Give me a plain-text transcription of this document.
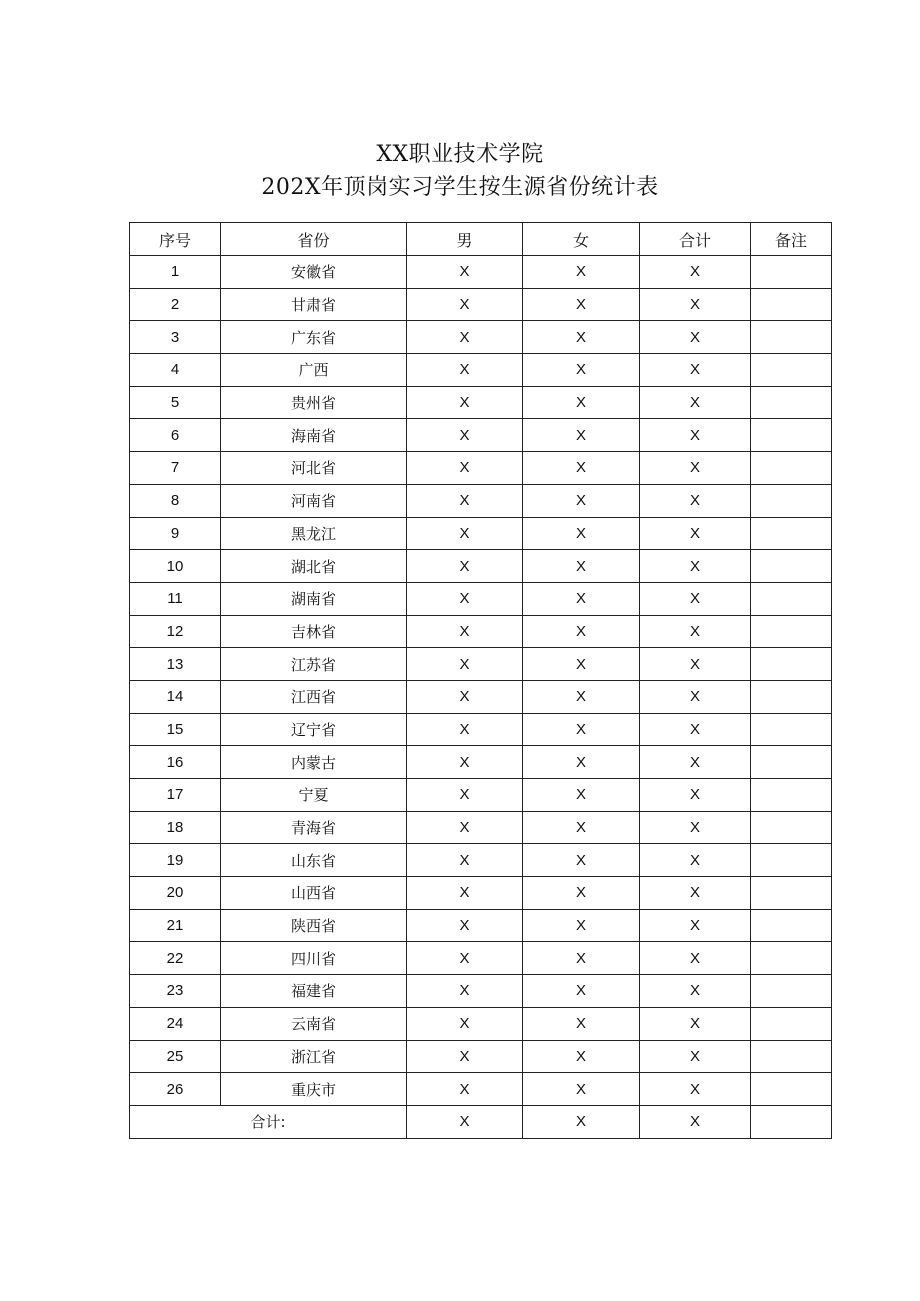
XX职业技术学院
202X年顶岗实习学生按生源省份统计表
序号	省份	男	女	合计	备注
1	安徽省	X	X	X	
2	甘肃省	X	X	X	
3	广东省	X	X	X	
4	广西	X	X	X	
5	贵州省	X	X	X	
6	海南省	X	X	X	
7	河北省	X	X	X	
8	河南省	X	X	X	
9	黑龙江	X	X	X	
10	湖北省	X	X	X	
11	湖南省	X	X	X	
12	吉林省	X	X	X	
13	江苏省	X	X	X	
14	江西省	X	X	X	
15	辽宁省	X	X	X	
16	内蒙古	X	X	X	
17	宁夏	X	X	X	
18	青海省	X	X	X	
19	山东省	X	X	X	
20	山西省	X	X	X	
21	陕西省	X	X	X	
22	四川省	X	X	X	
23	福建省	X	X	X	
24	云南省	X	X	X	
25	浙江省	X	X	X	
26	重庆市	X	X	X	
合计:		X	X	X	
